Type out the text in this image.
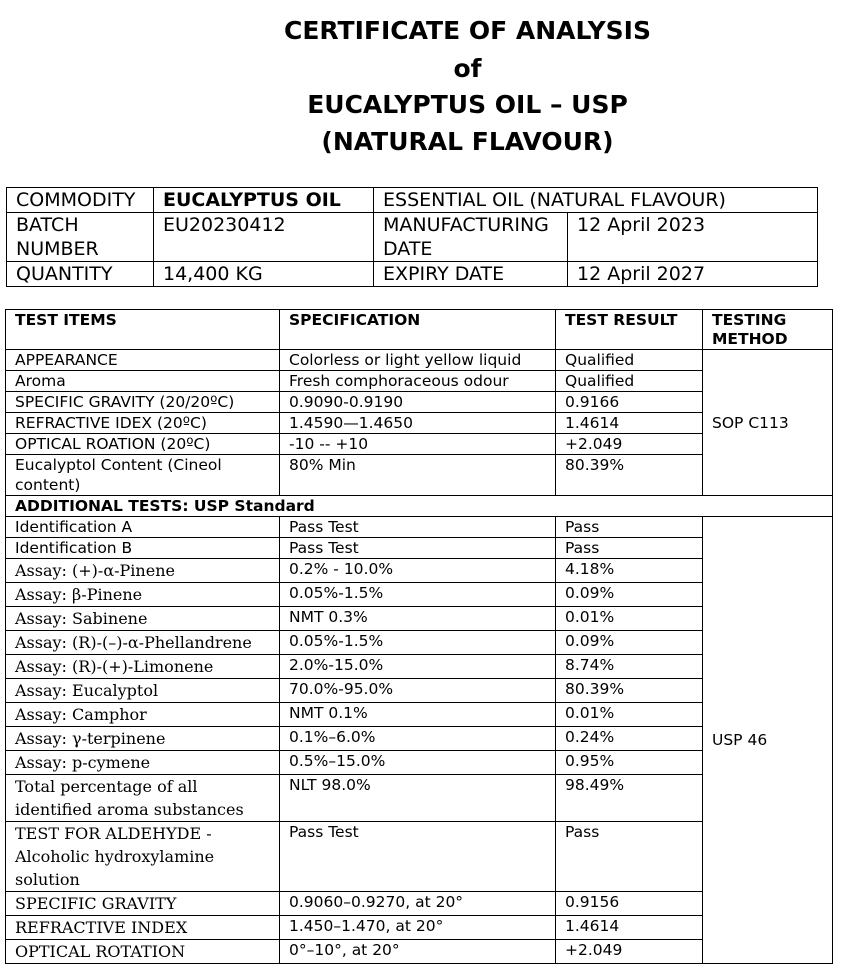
CERTIFICATE OF ANALYSIS
of
EUCALYPTUS OIL – USP
(NATURAL FLAVOUR)
COMMODITY	EUCALYPTUS OIL	ESSENTIAL OIL (NATURAL FLAVOUR)	
BATCH NUMBER	EU20230412	MANUFACTURING DATE	12 April 2023
QUANTITY	14,400 KG	EXPIRY DATE	12 April 2027
TEST ITEMS	SPECIFICATION	TEST RESULT	TESTING METHOD
APPEARANCE	Colorless or light yellow liquid	Qualified	SOP C113
Aroma	Fresh comphoraceous odour	Qualified	
SPECIFIC GRAVITY (20/20ºC)	0.9090-0.9190	0.9166	
REFRACTIVE IDEX (20ºC)	1.4590—1.4650	1.4614	
OPTICAL ROATION (20ºC)	-10 -- +10	+2.049	
Eucalyptol Content (Cineol content)	80% Min	80.39%	
ADDITIONAL TESTS: USP Standard			
Identification A	Pass Test	Pass	USP 46
Identification B	Pass Test	Pass	
Assay: (+)-α-Pinene	0.2% - 10.0%	4.18%	
Assay: β-Pinene	0.05%-1.5%	0.09%	
Assay: Sabinene	NMT 0.3%	0.01%	
Assay: (R)-(–)-α-Phellandrene	0.05%-1.5%	0.09%	
Assay: (R)-(+)-Limonene	2.0%-15.0%	8.74%	
Assay: Eucalyptol	70.0%-95.0%	80.39%	
Assay: Camphor	NMT 0.1%	0.01%	
Assay: γ-terpinene	0.1%–6.0%	0.24%	
Assay: p-cymene	0.5%–15.0%	0.95%	
Total percentage of all identified aroma substances	NLT 98.0%	98.49%	
TEST FOR ALDEHYDE - Alcoholic hydroxylamine solution	Pass Test	Pass	
SPECIFIC GRAVITY	0.9060–0.9270, at 20°	0.9156	
REFRACTIVE INDEX	1.450–1.470, at 20°	1.4614	
OPTICAL ROTATION	0°–10°, at 20°	+2.049	
